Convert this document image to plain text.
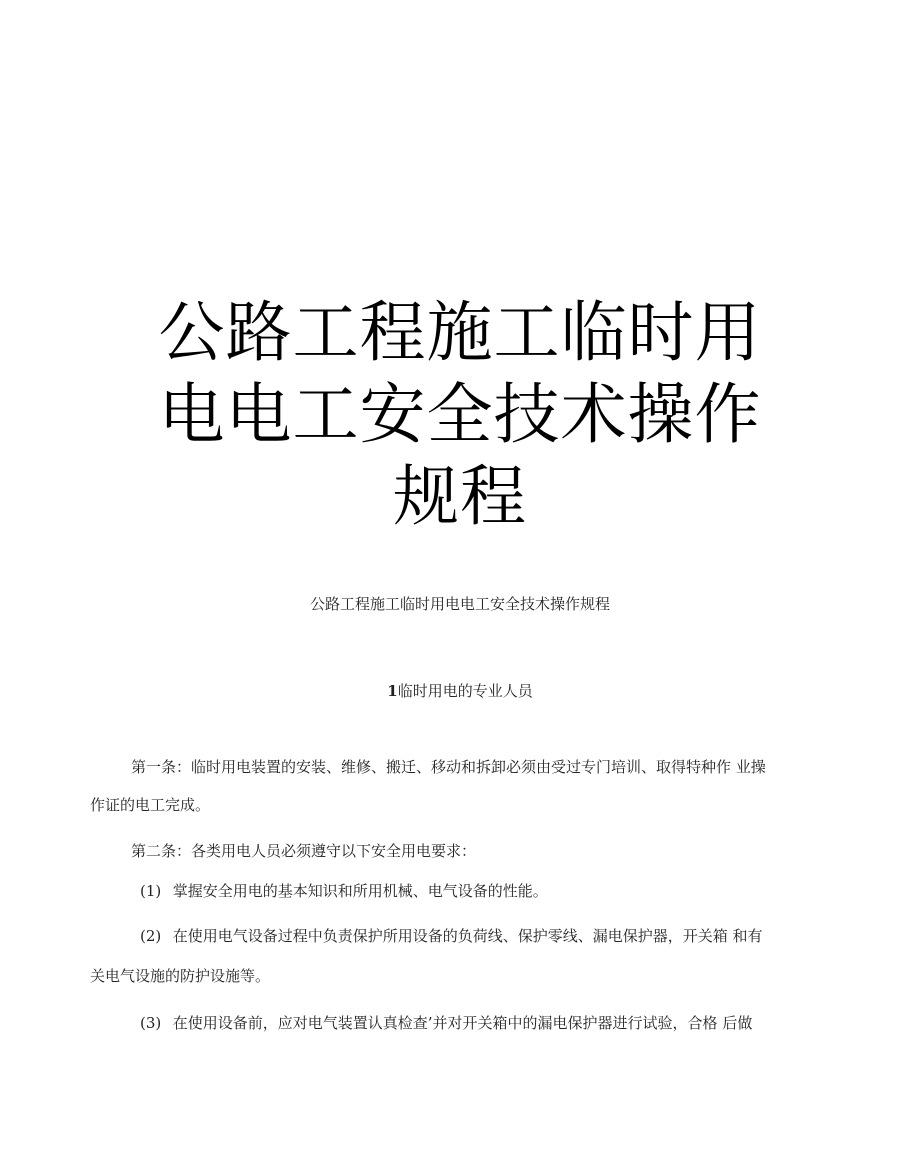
公路工程施工临时用
电电工安全技术操作
规程
公路工程施工临时用电电工安全技术操作规程
1临时用电的专业人员
第一条：临时用电装置的安装、维修、搬迁、移动和拆卸必须由受过专门培训、取得特种作 业操
作证的电工完成。
第二条：各类用电人员必须遵守以下安全用电要求：
(1) 掌握安全用电的基本知识和所用机械、电气设备的性能。
(2) 在使用电气设备过程中负责保护所用设备的负荷线、保护零线、漏电保护器，开关箱 和有
关电气设施的防护设施等。
(3) 在使用设备前，应对电气装置认真检查’并对开关箱中的漏电保护器进行试验，合格 后做
